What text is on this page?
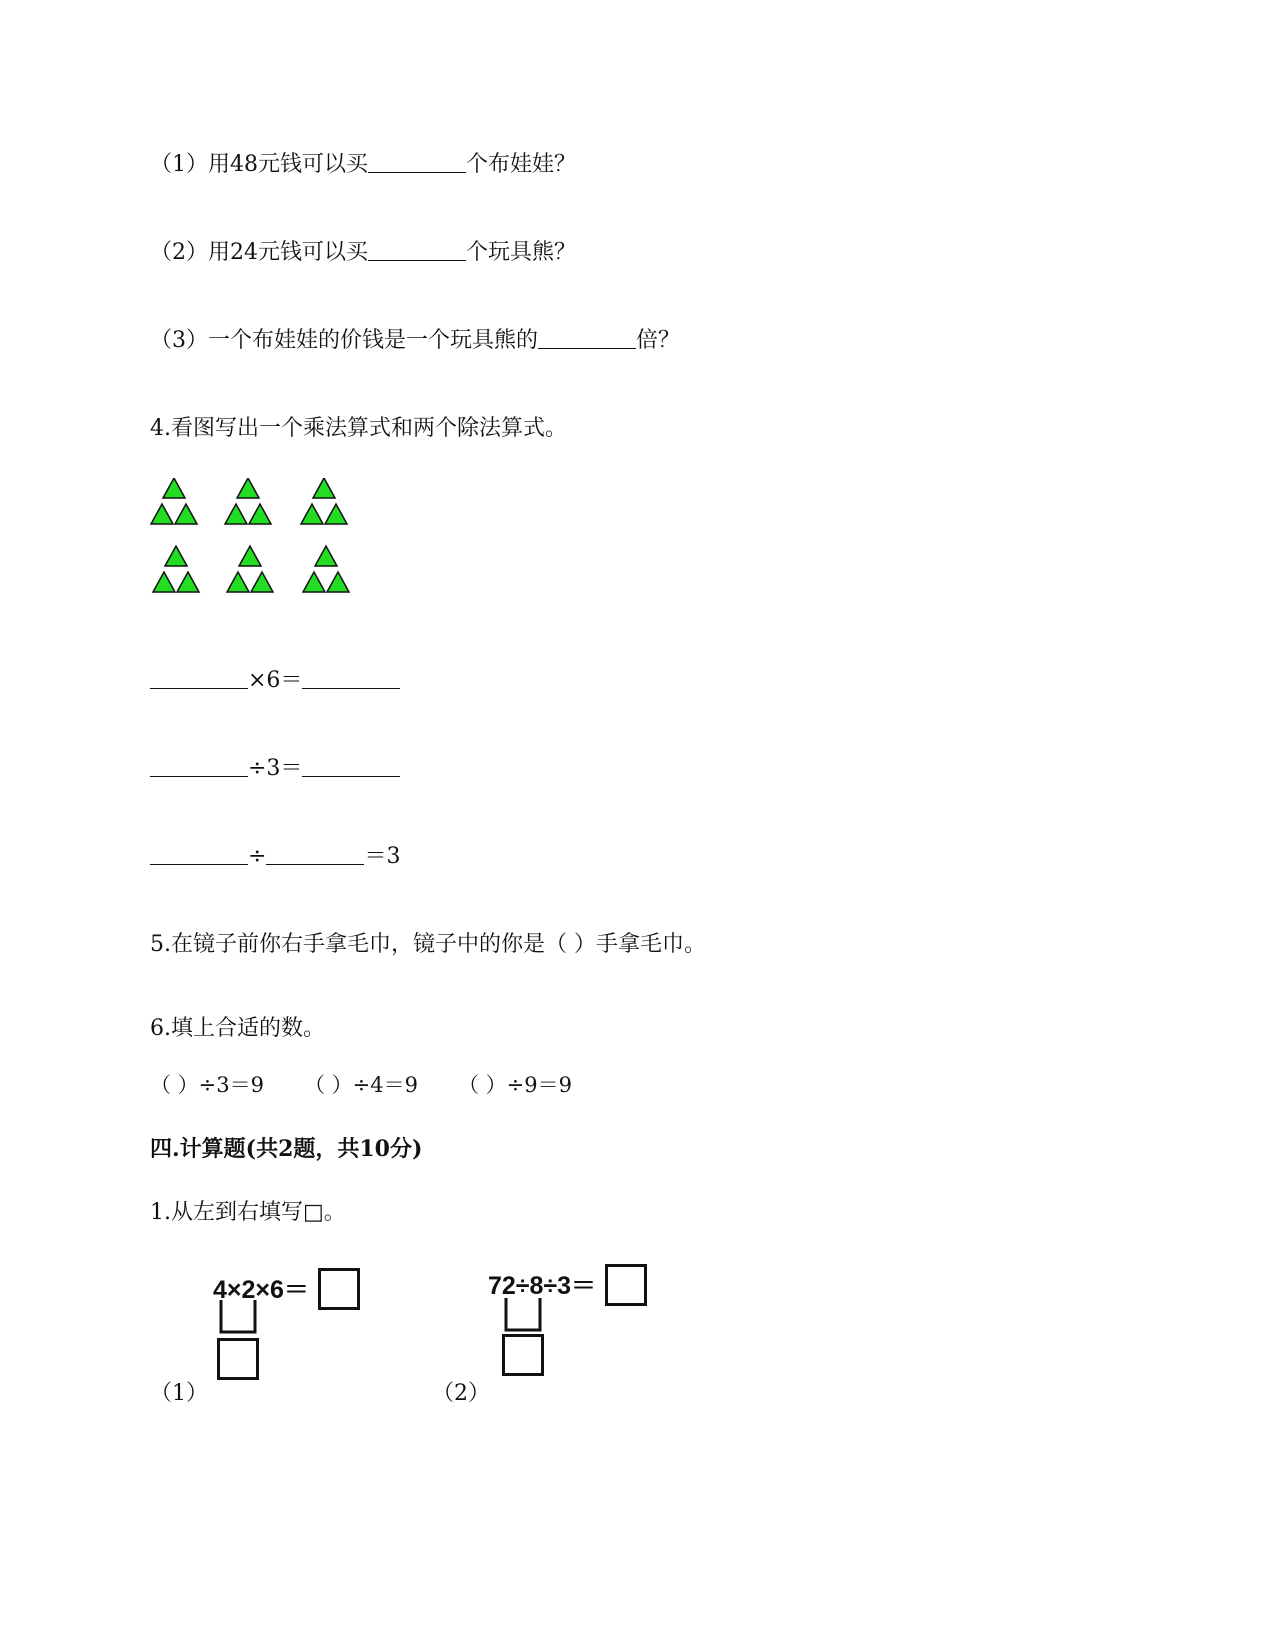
（1）用48元钱可以买	个布娃娃？
（2）用24元钱可以买	个玩具熊？
（3）一个布娃娃的价钱是一个玩具熊的	倍？
4.看图写出一个乘法算式和两个除法算式。
×6＝
÷3＝
÷	＝3
5.在镜子前你右手拿毛巾，镜子中的你是（ ）手拿毛巾。
6.填上合适的数。
（ ）÷3＝9 （ ）÷4＝9 （ ）÷9＝9
四.计算题(共2题，共10分)
1.从左到右填写□。
4×2×6＝
（1）
72÷8÷3＝
（2）
